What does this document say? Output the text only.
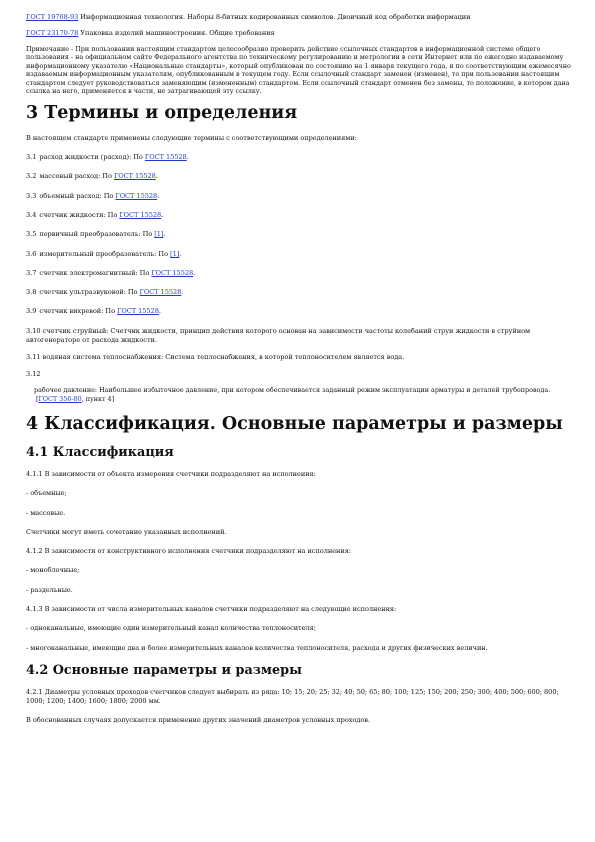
ГОСТ 19768-93 Информационная технология. Наборы 8-битных кодированных символов. Двоичный код обработки информации

ГОСТ 23170-78 Упаковка изделий машиностроения. Общие требования

Примечание - При пользовании настоящим стандартом целесообразно проверить действие ссылочных стандартов в информационной системе общего пользования - на официальном сайте Федерального агентства по техническому регулированию и метрологии в сети Интернет или по ежегодно издаваемому информационному указателю «Национальные стандарты», который опубликован по состоянию на 1 января текущего года, и по соответствующим ежемесячно издаваемым информационным указателям, опубликованным в текущем году. Если ссылочный стандарт заменен (изменен), то при пользовании настоящим стандартом следует руководствоваться заменяющим (измененным) стандартом. Если ссылочный стандарт отменен без замены, то положение, в котором дана ссылка на него, применяется в части, не затрагивающей эту ссылку.

3 Термины и определения

В настоящем стандарте применены следующие термины с соответствующими определениями:

3.1 расход жидкости (расход): По ГОСТ 15528.

3.2 массовый расход: По ГОСТ 15528.

3.3 объемный расход: По ГОСТ 15528.

3.4 счетчик жидкости: По ГОСТ 15528.

3.5 первичный преобразователь: По [1].

3.6 измерительный преобразователь: По [1].

3.7 счетчик электромагнитный: По ГОСТ 15528.

3.8 счетчик ультразвуковой: По ГОСТ 15528.

3.9 счетчик вихревой: По ГОСТ 15528.

3.10 счетчик струйный: Счетчик жидкости, принцип действия которого основан на зависимости частоты колебаний струи жидкости в струйном автогенераторе от расхода жидкости.

3.11 водяная система теплоснабжения: Система теплоснабжения, в которой теплоносителем является вода.

3.12

рабочее давление: Наибольшее избыточное давление, при котором обеспечивается заданный режим эксплуатации арматуры и деталей трубопровода.
[ГОСТ 356-80, пункт 4]
4 Классификация. Основные параметры и размеры
4.1 Классификация

4.1.1 В зависимости от объекта измерения счетчики подразделяют на исполнения:

- объемные;

- массовые.

Счетчики могут иметь сочетание указанных исполнений.

4.1.2 В зависимости от конструктивного исполнения счетчики подразделяют на исполнения:

- моноблочные;

- раздельные.

4.1.3 В зависимости от числа измерительных каналов счетчики подразделяют на следующие исполнения:

- одноканальные, имеющие один измерительный канал количества теплоносителя;

- многоканальные, имеющие два и более измерительных каналов количества теплоносителя, расхода и других физических величин.

4.2 Основные параметры и размеры

4.2.1 Диаметры условных проходов счетчиков следует выбирать из ряда: 10; 15; 20; 25; 32; 40; 50; 65; 80; 100; 125; 150; 200; 250; 300; 400; 500; 600; 800; 1000; 1200; 1400; 1600; 1800; 2000 мм.

В обоснованных случаях допускается применение других значений диаметров условных проходов.
